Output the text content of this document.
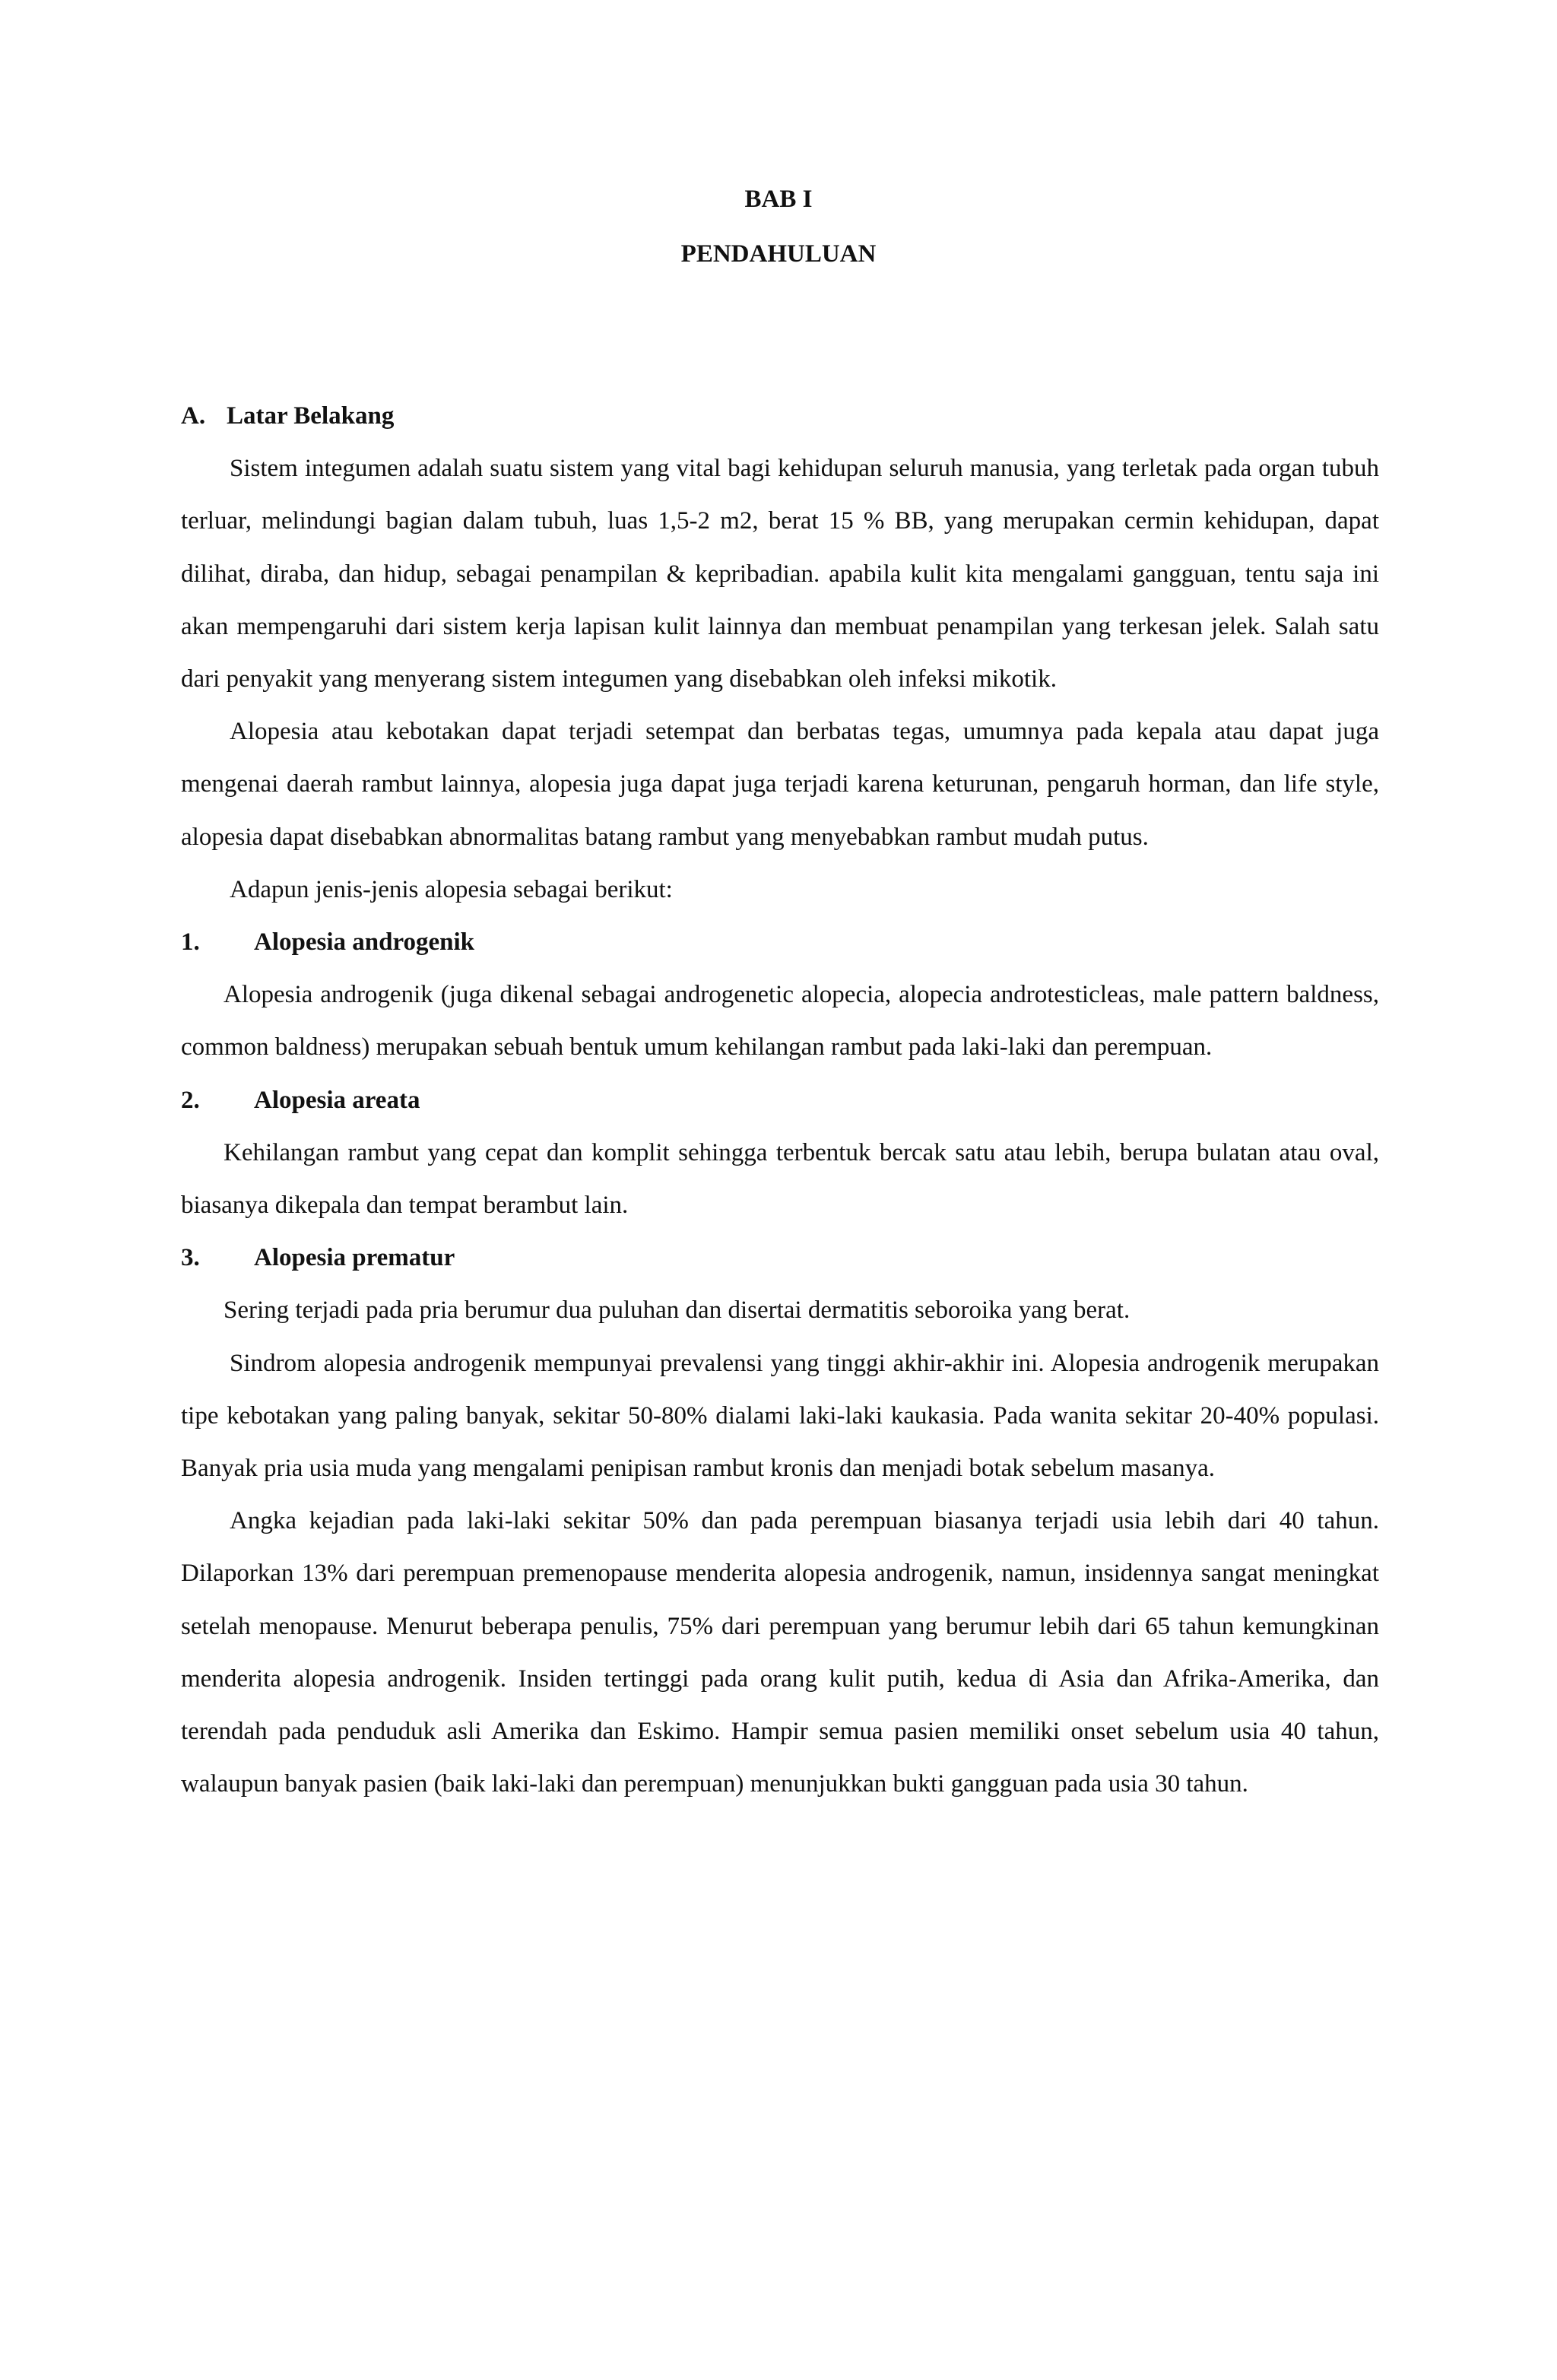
BAB I
PENDAHULUAN
A. Latar Belakang

Sistem integumen adalah suatu sistem yang vital bagi kehidupan seluruh manusia, yang terletak pada organ tubuh terluar, melindungi bagian dalam tubuh, luas 1,5-2 m2, berat 15 % BB, yang merupakan cermin kehidupan, dapat dilihat, diraba, dan hidup, sebagai penampilan & kepribadian. apabila kulit kita mengalami gangguan, tentu saja ini akan mempengaruhi dari sistem kerja lapisan kulit lainnya dan membuat penampilan yang terkesan jelek. Salah satu dari penyakit yang menyerang sistem integumen yang disebabkan oleh infeksi mikotik.

Alopesia atau kebotakan dapat terjadi setempat dan berbatas tegas, umumnya pada kepala atau dapat juga mengenai daerah rambut lainnya, alopesia juga dapat juga terjadi karena keturunan, pengaruh horman, dan life style, alopesia dapat disebabkan abnormalitas batang rambut yang menyebabkan rambut mudah putus.

Adapun jenis-jenis alopesia sebagai berikut:

1.	Alopesia androgenik

Alopesia androgenik (juga dikenal sebagai androgenetic alopecia, alopecia androtesticleas, male pattern baldness, common baldness) merupakan sebuah bentuk umum kehilangan rambut pada laki-laki dan perempuan.

2.	Alopesia areata

Kehilangan rambut yang cepat dan komplit sehingga terbentuk bercak satu atau lebih, berupa bulatan atau oval, biasanya dikepala dan tempat berambut lain.

3.	Alopesia prematur

Sering terjadi pada pria berumur dua puluhan dan disertai dermatitis seboroika yang berat.

Sindrom alopesia androgenik mempunyai prevalensi yang tinggi akhir-akhir ini. Alopesia androgenik merupakan tipe kebotakan yang paling banyak, sekitar 50-80% dialami laki-laki kaukasia. Pada wanita sekitar 20-40% populasi. Banyak pria usia muda yang mengalami penipisan rambut kronis dan menjadi botak sebelum masanya.

Angka kejadian pada laki-laki sekitar 50% dan pada perempuan biasanya terjadi usia lebih dari 40 tahun. Dilaporkan 13% dari perempuan premenopause menderita alopesia androgenik, namun, insidennya sangat meningkat setelah menopause. Menurut beberapa penulis, 75% dari perempuan yang berumur lebih dari 65 tahun kemungkinan menderita alopesia androgenik. Insiden tertinggi pada orang kulit putih, kedua di Asia dan Afrika-Amerika, dan terendah pada penduduk asli Amerika dan Eskimo. Hampir semua pasien memiliki onset sebelum usia 40 tahun, walaupun banyak pasien (baik laki-laki dan perempuan) menunjukkan bukti gangguan pada usia 30 tahun.
